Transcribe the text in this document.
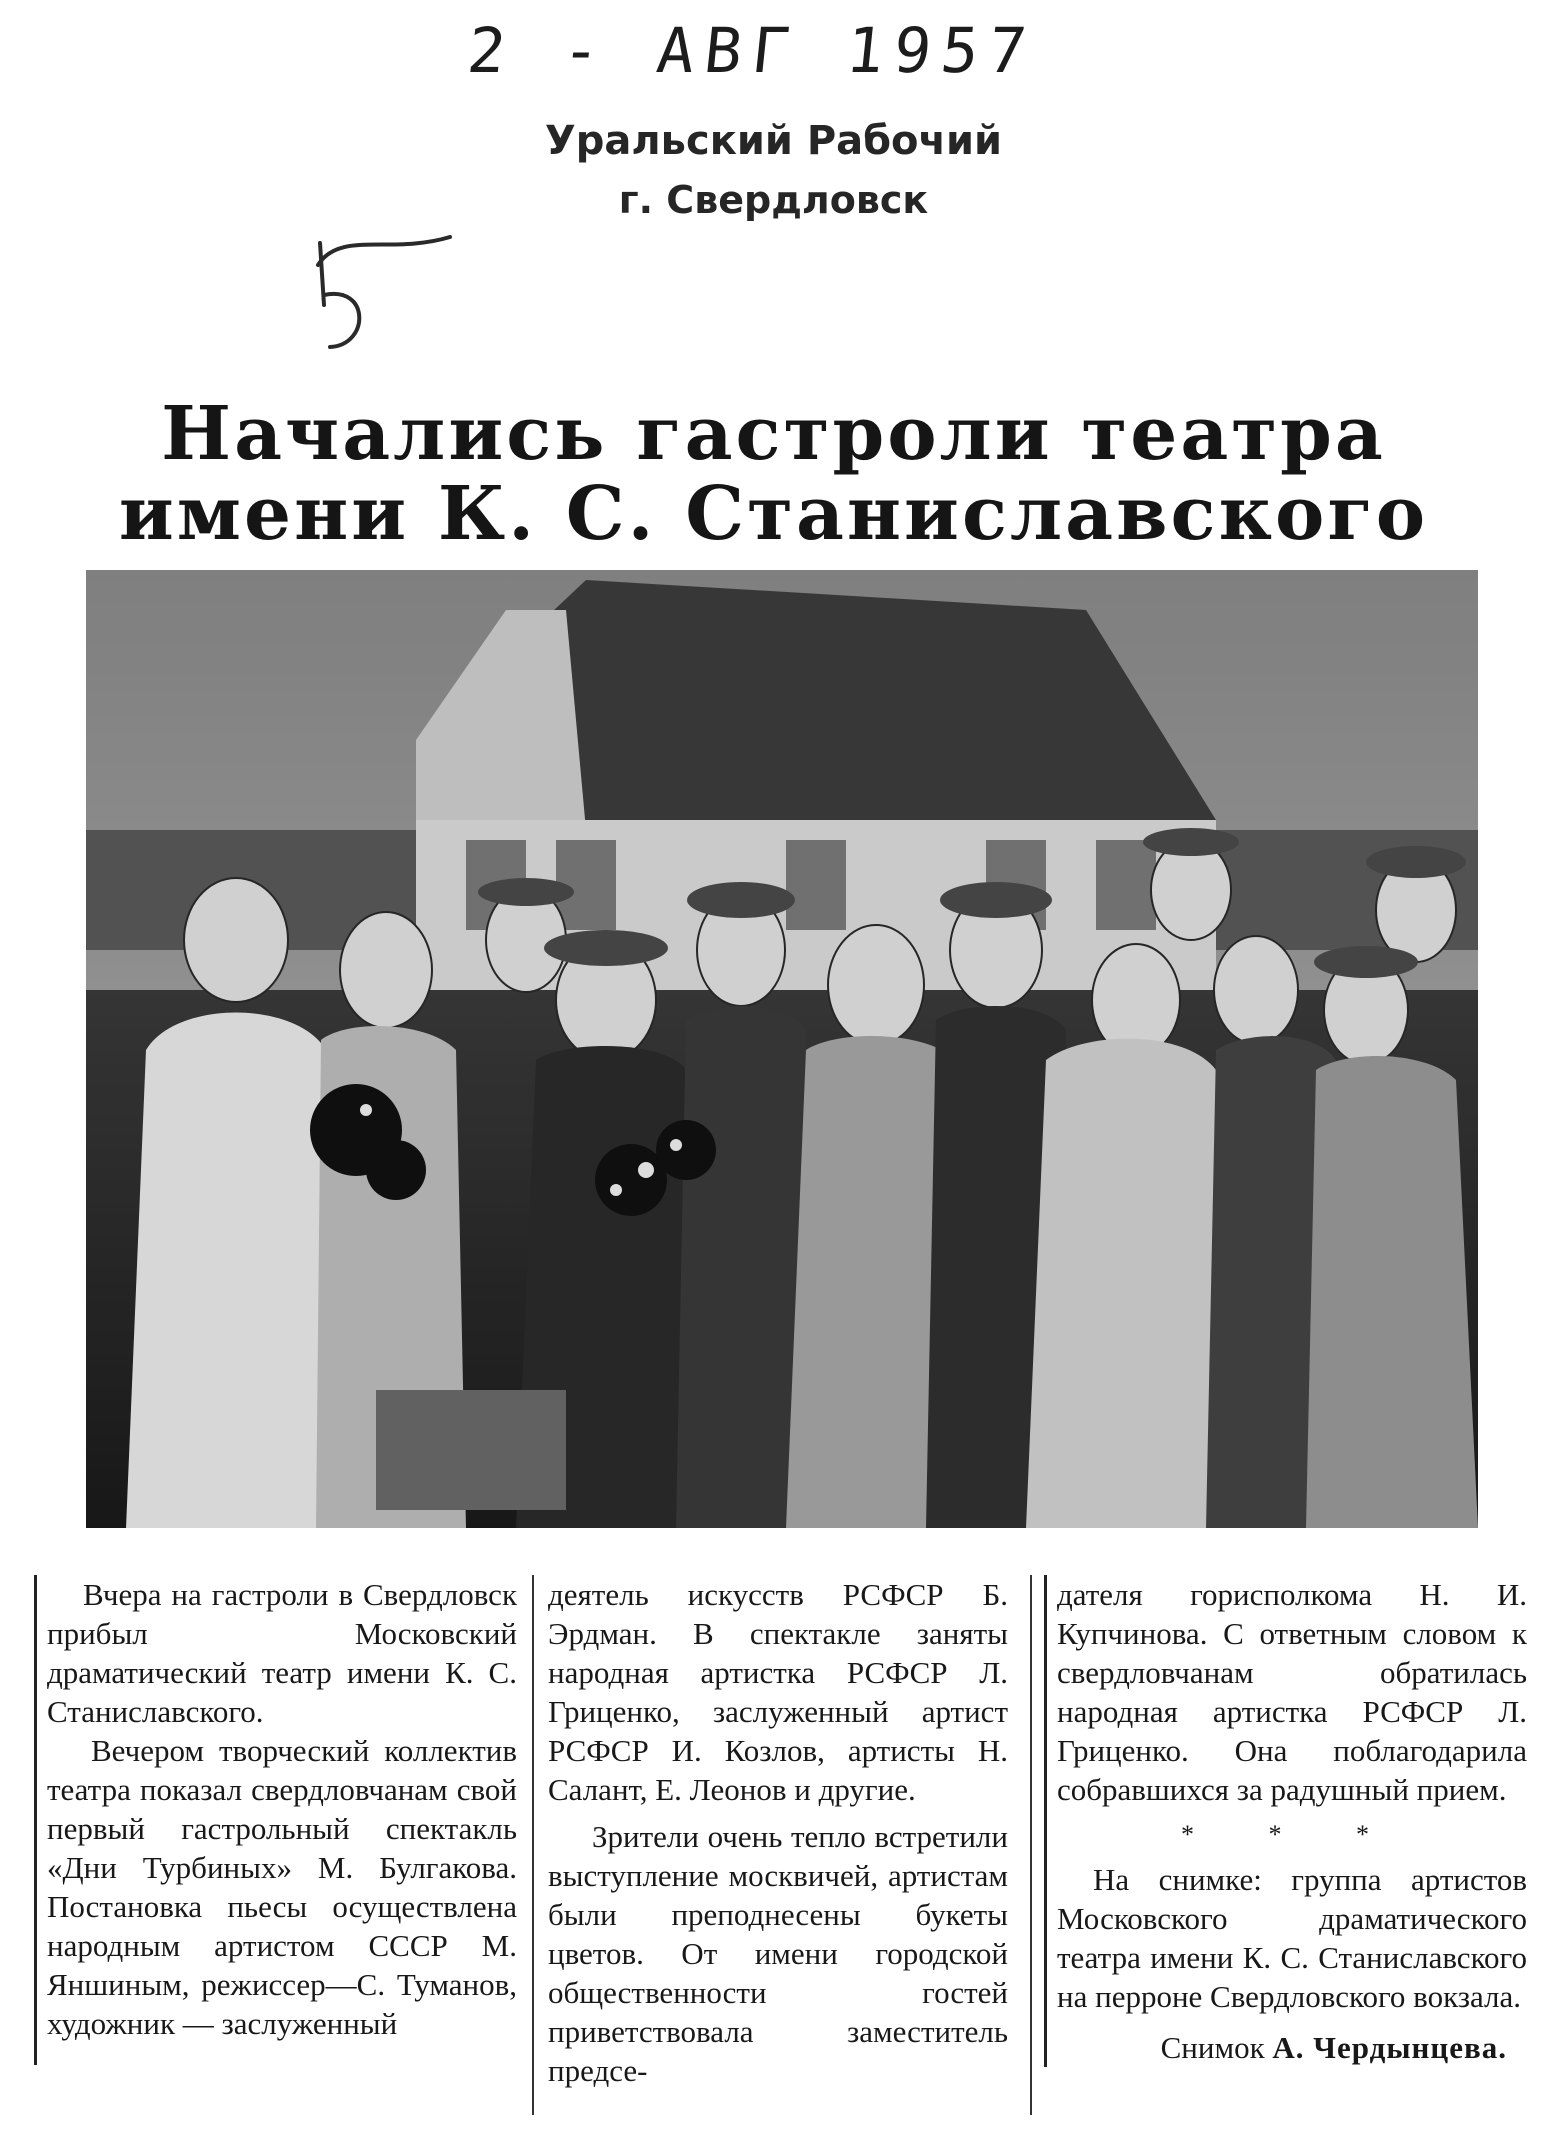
2 - АВГ 1957
Уральский Рабочий
г. Свердловск
Начались гастроли театра
имени К. С. Станиславского

Вчера на гастроли в Свердловск прибыл Московский драматический театр имени К. С. Станиславского.

Вечером творческий коллектив театра показал свердловчанам свой первый гастрольный спектакль «Дни Турбиных» М. Булгакова. Постановка пьесы осуществлена народным артистом СССР М. Яншиным, режиссер—С. Туманов, художник — заслуженный

деятель искусств РСФСР Б. Эрдман. В спектакле заняты народная артистка РСФСР Л. Гриценко, заслуженный артист РСФСР И. Козлов, артисты Н. Салант, Е. Леонов и другие.

Зрители очень тепло встретили выступление москвичей, артистам были преподнесены букеты цветов. От имени городской общественности гостей приветствовала заместитель предсе-

дателя горисполкома Н. И. Купчинова. С ответным словом к свердловчанам обратилась народная артистка РСФСР Л. Гриценко. Она поблагодарила собравшихся за радушный прием.

* * *

На снимке: группа артистов Московского драматического театра имени К. С. Станиславского на перроне Свердловского вокзала.

Снимок А. Чердынцева.
